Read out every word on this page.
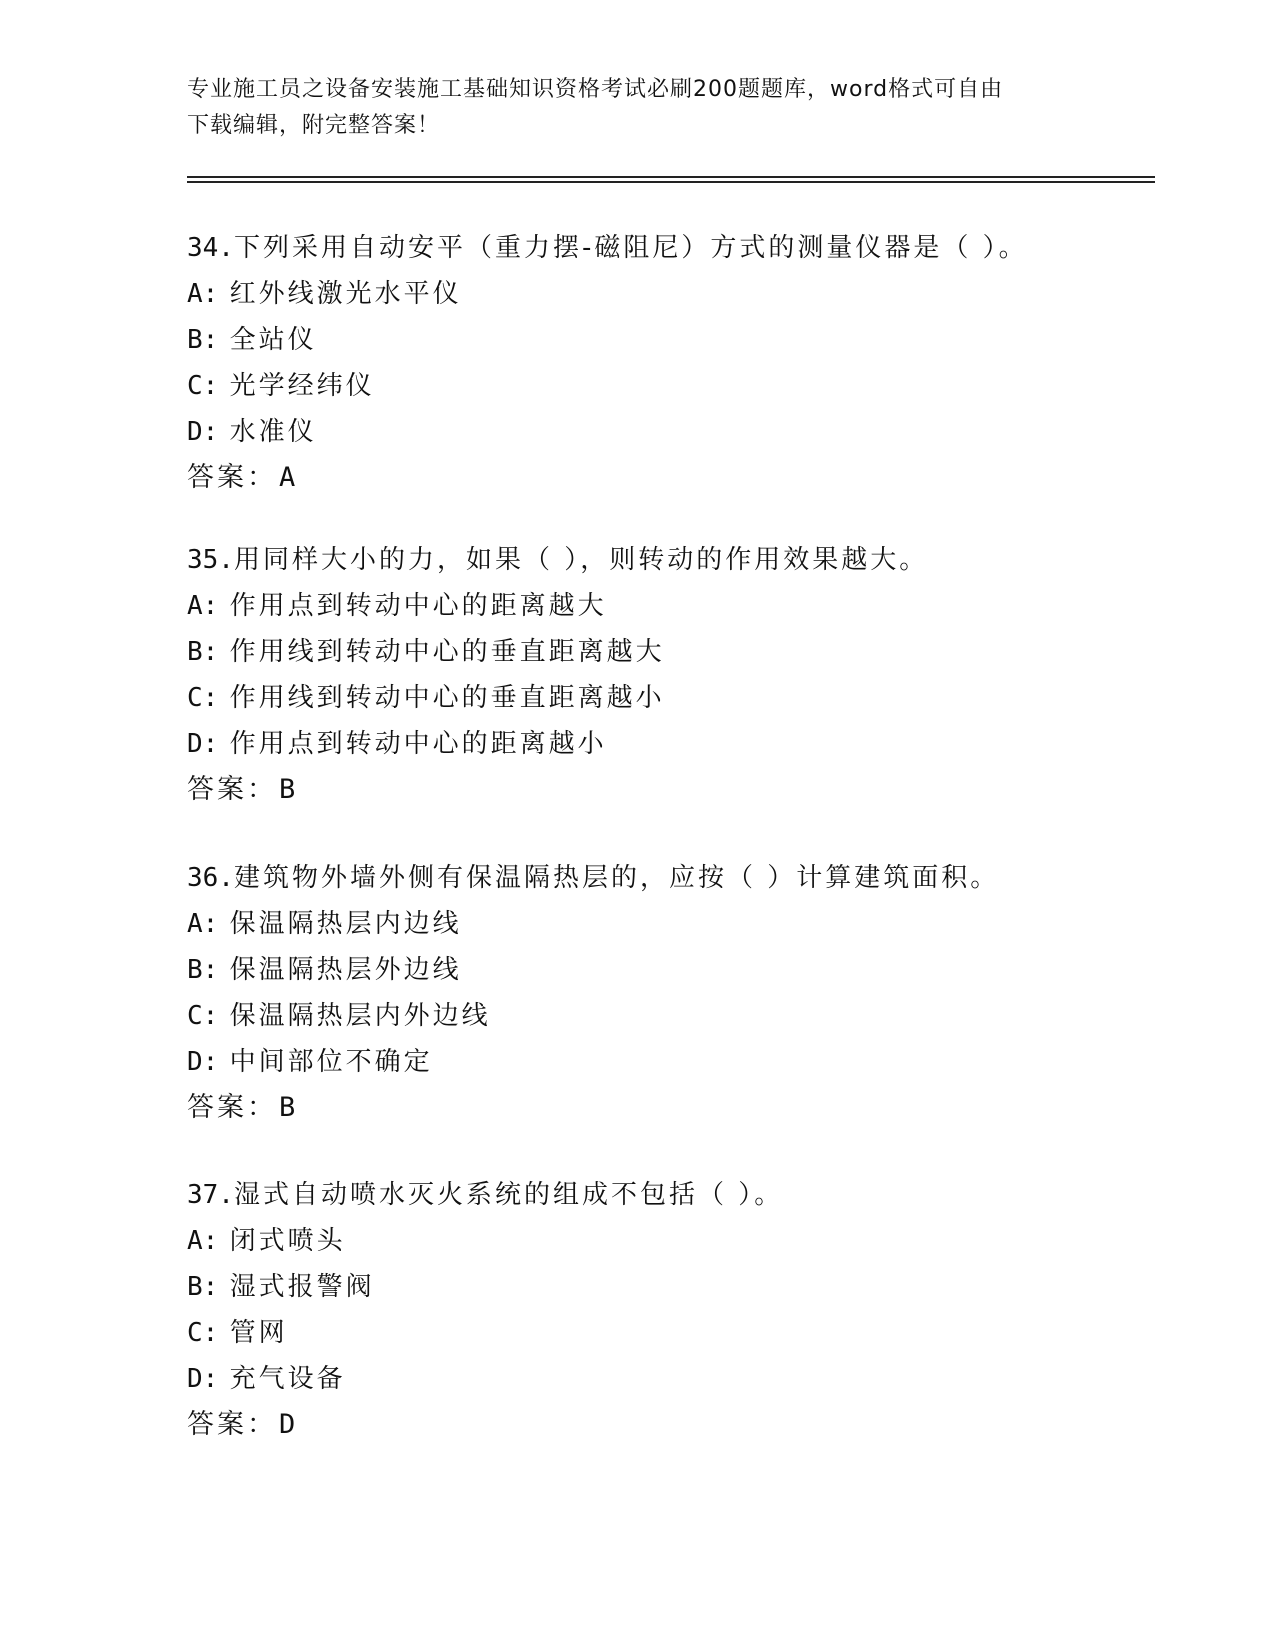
专业施工员之设备安装施工基础知识资格考试必刷200题题库，word格式可自由
下载编辑，附完整答案！
34.下列采用自动安平（重力摆-磁阻尼）方式的测量仪器是（ ）。
A: 红外线激光水平仪
B: 全站仪
C: 光学经纬仪
D: 水准仪
答案：A
35.用同样大小的力，如果（ ），则转动的作用效果越大。
A: 作用点到转动中心的距离越大
B: 作用线到转动中心的垂直距离越大
C: 作用线到转动中心的垂直距离越小
D: 作用点到转动中心的距离越小
答案：B
36.建筑物外墙外侧有保温隔热层的，应按（ ）计算建筑面积。
A: 保温隔热层内边线
B: 保温隔热层外边线
C: 保温隔热层内外边线
D: 中间部位不确定
答案：B
37.湿式自动喷水灭火系统的组成不包括（ ）。
A: 闭式喷头
B: 湿式报警阀
C: 管网
D: 充气设备
答案：D
